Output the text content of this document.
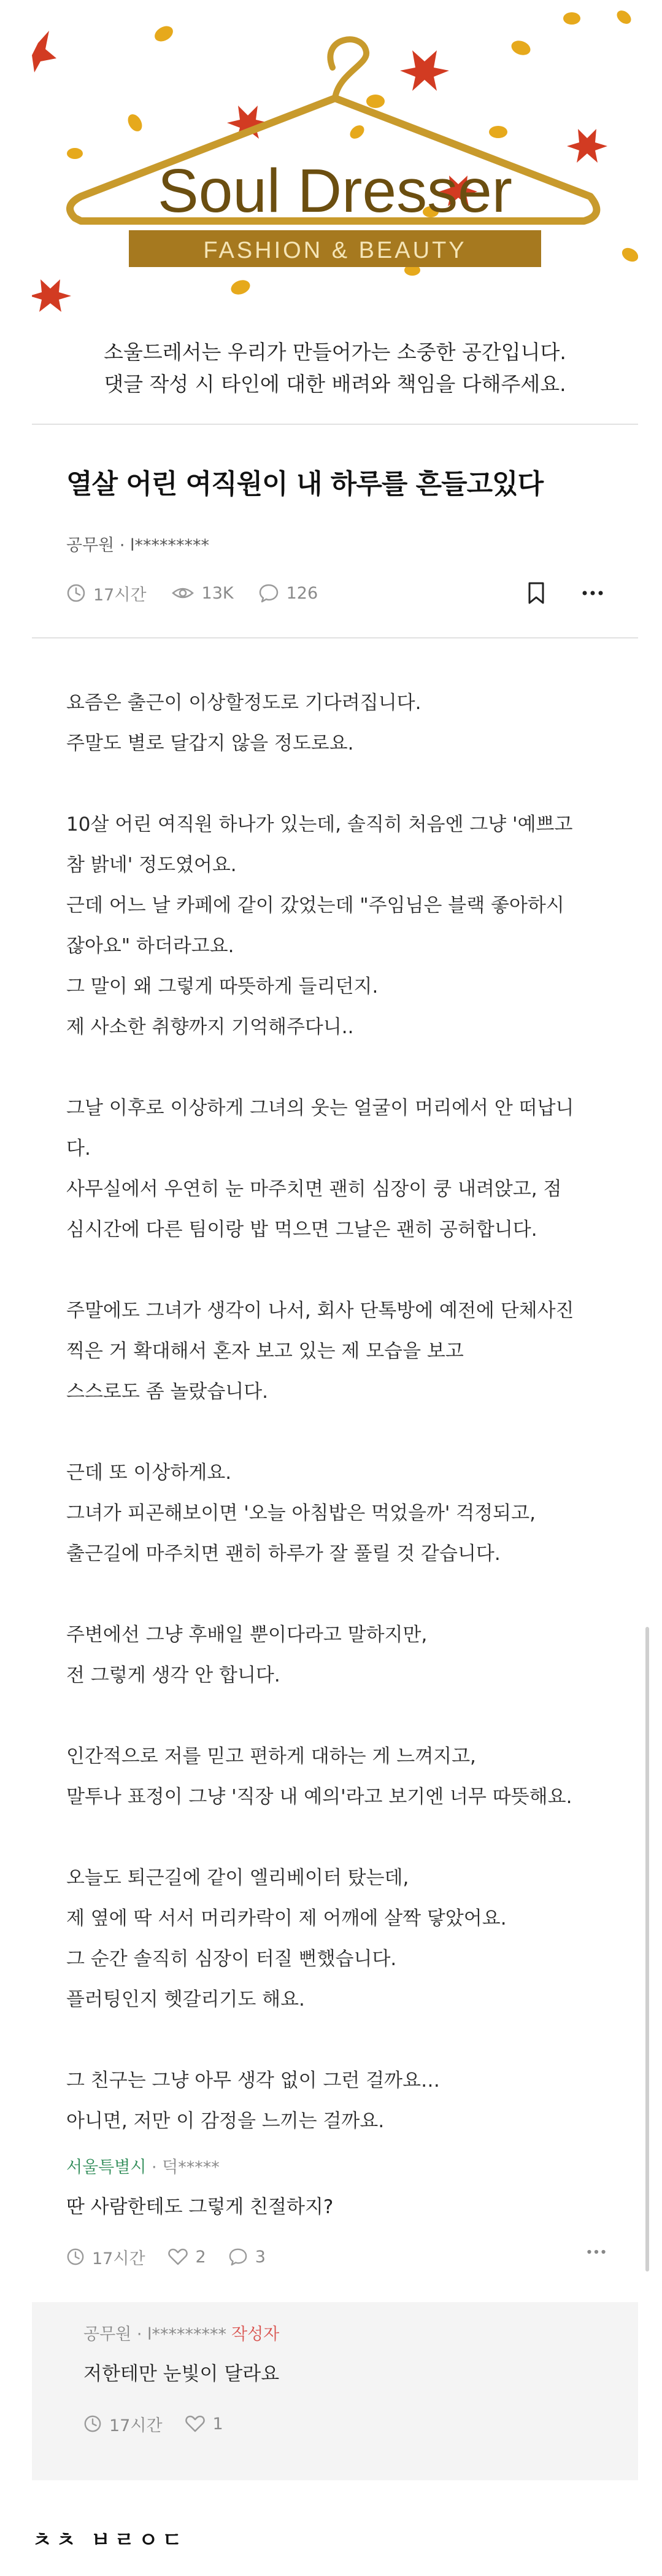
Soul Dresser
FASHION & BEAUTY
소울드레서는 우리가 만들어가는 소중한 공간입니다.
댓글 작성 시 타인에 대한 배려와 책임을 다해주세요.
열살 어린 여직원이 내 하루를 흔들고있다
공무원 · l*********
17시간	13K	126

요즘은 출근이 이상할정도로 기다려집니다.

주말도 별로 달갑지 않을 정도로요.

10살 어린 여직원 하나가 있는데, 솔직히 처음엔 그냥 '예쁘고

참 밝네' 정도였어요.

근데 어느 날 카페에 같이 갔었는데 "주임님은 블랙 좋아하시

잖아요" 하더라고요.

그 말이 왜 그렇게 따뜻하게 들리던지.

제 사소한 취향까지 기억해주다니..

그날 이후로 이상하게 그녀의 웃는 얼굴이 머리에서 안 떠납니

다.

사무실에서 우연히 눈 마주치면 괜히 심장이 쿵 내려앉고, 점

심시간에 다른 팀이랑 밥 먹으면 그날은 괜히 공허합니다.

주말에도 그녀가 생각이 나서, 회사 단톡방에 예전에 단체사진

찍은 거 확대해서 혼자 보고 있는 제 모습을 보고

스스로도 좀 놀랐습니다.

근데 또 이상하게요.

그녀가 피곤해보이면 '오늘 아침밥은 먹었을까' 걱정되고,

출근길에 마주치면 괜히 하루가 잘 풀릴 것 같습니다.

주변에선 그냥 후배일 뿐이다라고 말하지만,

전 그렇게 생각 안 합니다.

인간적으로 저를 믿고 편하게 대하는 게 느껴지고,

말투나 표정이 그냥 '직장 내 예의'라고 보기엔 너무 따뜻해요.

오늘도 퇴근길에 같이 엘리베이터 탔는데,

제 옆에 딱 서서 머리카락이 제 어깨에 살짝 닿았어요.

그 순간 솔직히 심장이 터질 뻔했습니다.

플러팅인지 헷갈리기도 해요.

그 친구는 그냥 아무 생각 없이 그런 걸까요…

아니면, 저만 이 감정을 느끼는 걸까요.

서울특별시 · 덕*****
딴 사람한테도 그렇게 친절하지?
17시간	2	3
공무원 · l********* 작성자
저한테만 눈빛이 달라요
17시간	1
ㅊㅊ ㅂㄹㅇㄷ
